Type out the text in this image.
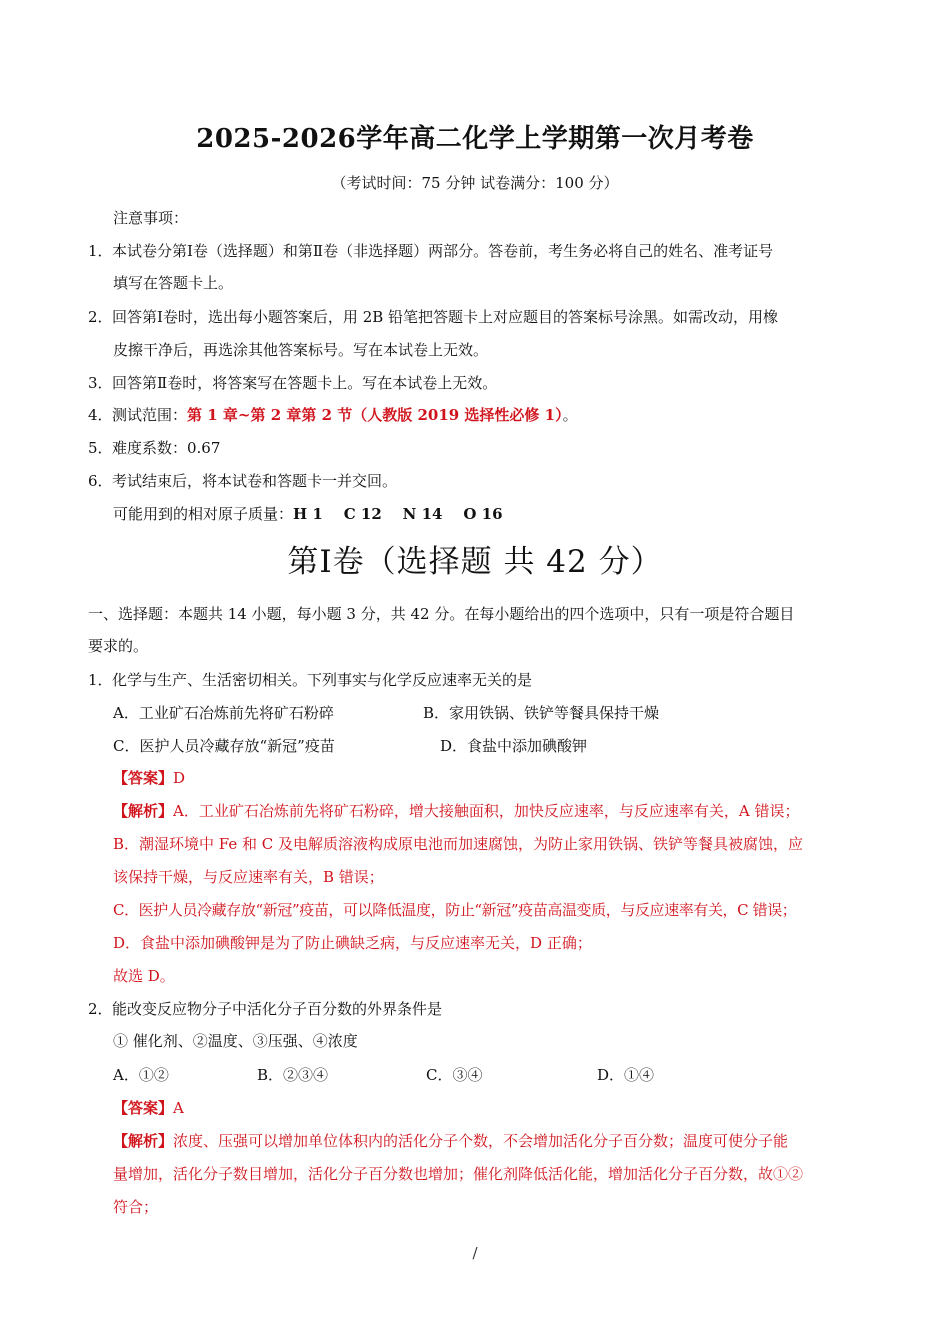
2025-2026学年高二化学上学期第一次月考卷
（考试时间：75 分钟 试卷满分：100 分）
注意事项：
1．本试卷分第Ⅰ卷（选择题）和第Ⅱ卷（非选择题）两部分。答卷前，考生务必将自己的姓名、准考证号
填写在答题卡上。
2．回答第Ⅰ卷时，选出每小题答案后，用 2B 铅笔把答题卡上对应题目的答案标号涂黑。如需改动，用橡
皮擦干净后，再选涂其他答案标号。写在本试卷上无效。
3．回答第Ⅱ卷时，将答案写在答题卡上。写在本试卷上无效。
4．测试范围：第 1 章~第 2 章第 2 节（人教版 2019 选择性必修 1）。
5．难度系数：0.67
6．考试结束后，将本试卷和答题卡一并交回。
可能用到的相对原子质量：H 1    C 12    N 14    O 16
第Ⅰ卷（选择题 共 42 分）
一、选择题：本题共 14 小题，每小题 3 分，共 42 分。在每小题给出的四个选项中，只有一项是符合题目
要求的。
1．化学与生产、生活密切相关。下列事实与化学反应速率无关的是
A．工业矿石冶炼前先将矿石粉碎	B．家用铁锅、铁铲等餐具保持干燥
C．医护人员冷藏存放“新冠”疫苗	D．食盐中添加碘酸钾
【答案】D
【解析】A．工业矿石冶炼前先将矿石粉碎，增大接触面积，加快反应速率，与反应速率有关，A 错误；
B．潮湿环境中 Fe 和 C 及电解质溶液构成原电池而加速腐蚀，为防止家用铁锅、铁铲等餐具被腐蚀，应
该保持干燥，与反应速率有关，B 错误；
C．医护人员冷藏存放“新冠”疫苗，可以降低温度，防止“新冠”疫苗高温变质，与反应速率有关，C 错误；
D．食盐中添加碘酸钾是为了防止碘缺乏病，与反应速率无关，D 正确；
故选 D。
2．能改变反应物分子中活化分子百分数的外界条件是
① 催化剂、②温度、③压强、④浓度
A．①②	B．②③④	C．③④	D．①④
【答案】A
【解析】浓度、压强可以增加单位体积内的活化分子个数，不会增加活化分子百分数；温度可使分子能
量增加，活化分子数目增加，活化分子百分数也增加；催化剂降低活化能，增加活化分子百分数，故①②
符合；
/
